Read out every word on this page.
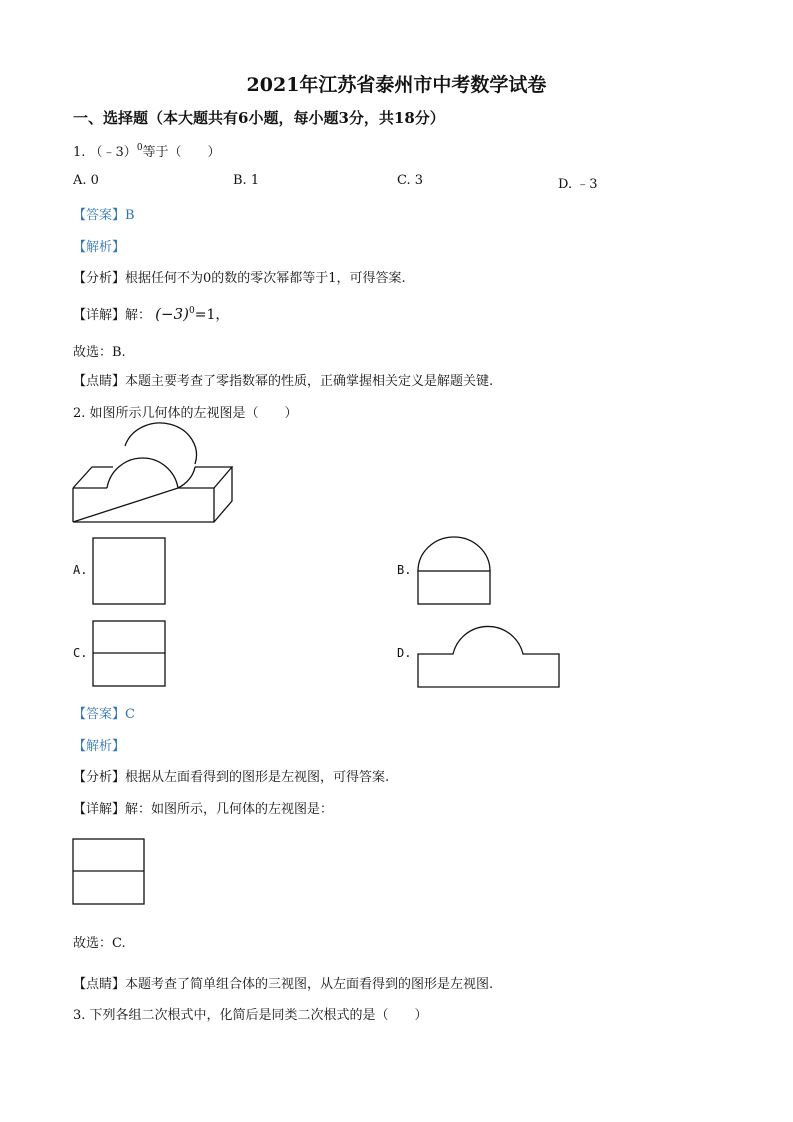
2021年江苏省泰州市中考数学试卷
一、选择题（本大题共有6小题，每小题3分，共18分）
1. （﹣3）$^0$等于（　　）
A. 0	B. 1	C. 3	D. ﹣3
【答案】B
【解析】
【分析】根据任何不为0的数的零次幂都等于1，可得答案.
【详解】解： $(-3)^0=1$，
故选：B.
【点睛】本题主要考查了零指数幂的性质，正确掌握相关定义是解题关键.
2. 如图所示几何体的左视图是（　　）
A.	B.
C.	D.
【答案】C
【解析】
【分析】根据从左面看得到的图形是左视图，可得答案.
【详解】解：如图所示，几何体的左视图是：
故选：C.
【点睛】本题考查了简单组合体的三视图，从左面看得到的图形是左视图.
3. 下列各组二次根式中，化简后是同类二次根式的是（　　）
